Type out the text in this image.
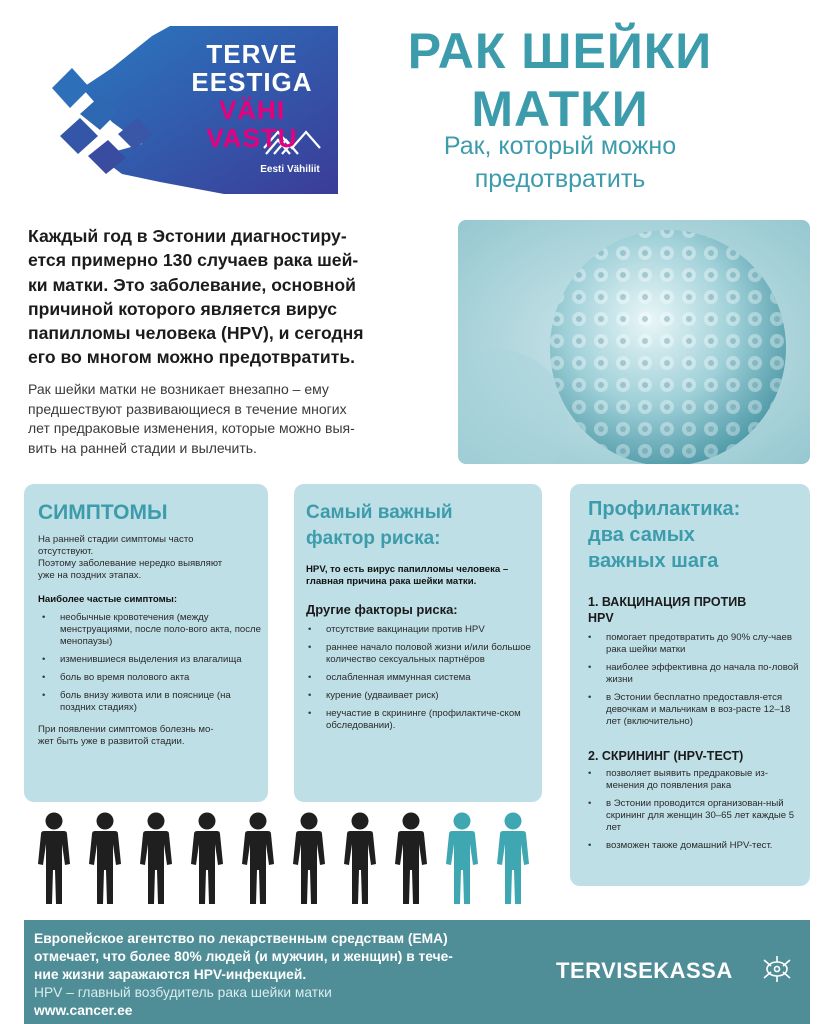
TERVE
EESTIGA
VÄHI VASTU
Eesti Vähiliit
РАК ШЕЙКИ
МАТКИ
Рак, который можно
предотвратить
Каждый год в Эстонии диагностиру-
ется примерно 130 случаев рака шей-
ки матки. Это заболевание, основной
причиной которого является вирус
папилломы человека (HPV), и сегодня
его во многом можно предотвратить.
Рак шейки матки не возникает внезапно – ему
предшествуют развивающиеся в течение многих
лет предраковые изменения, которые можно выя-
вить на ранней стадии и вылечить.
СИМПТОМЫ
На ранней стадии симптомы часто
отсутствуют.
Поэтому заболевание нередко выявляют
уже на поздних этапах.
Наиболее частые симптомы:
• необычные кровотечения (между менструациями, после поло-вого акта, после менопаузы)
• изменившиеся выделения из влагалища
• боль во время полового акта
• боль внизу живота или в пояснице (на поздних стадиях)
При появлении симптомов болезнь мо-
жет быть уже в развитой стадии.
Самый важный
фактор риска:
HPV, то есть вирус папилломы человека –
главная причина рака шейки матки.
Другие факторы риска:
• отсутствие вакцинации против HPV
• раннее начало половой жизни и/или большое количество сексуальных партнёров
• ослабленная иммунная система
• курение (удваивает риск)
• неучастие в скрининге (профилактиче-ском обследовании).
Профилактика:
два самых
важных шага
1. ВАКЦИНАЦИЯ ПРОТИВ
HPV
• помогает предотвратить до 90% слу-чаев рака шейки матки
• наиболее эффективна до начала по-ловой жизни
• в Эстонии бесплатно предоставля-ется девочкам и мальчикам в воз-расте 12–18 лет (включительно)
2. СКРИНИНГ (HPV-ТЕСТ)
• позволяет выявить предраковые из-менения до появления рака
• в Эстонии проводится организован-ный скрининг для женщин 30–65 лет каждые 5 лет
• возможен также домашний HPV-тест.
Европейское агентство по лекарственным средствам (EMA)
отмечает, что более 80% людей (и мужчин, и женщин) в тече-
ние жизни заражаются HPV-инфекцией.
HPV – главный возбудитель рака шейки матки
www.cancer.ee
TERVISEKASSA
